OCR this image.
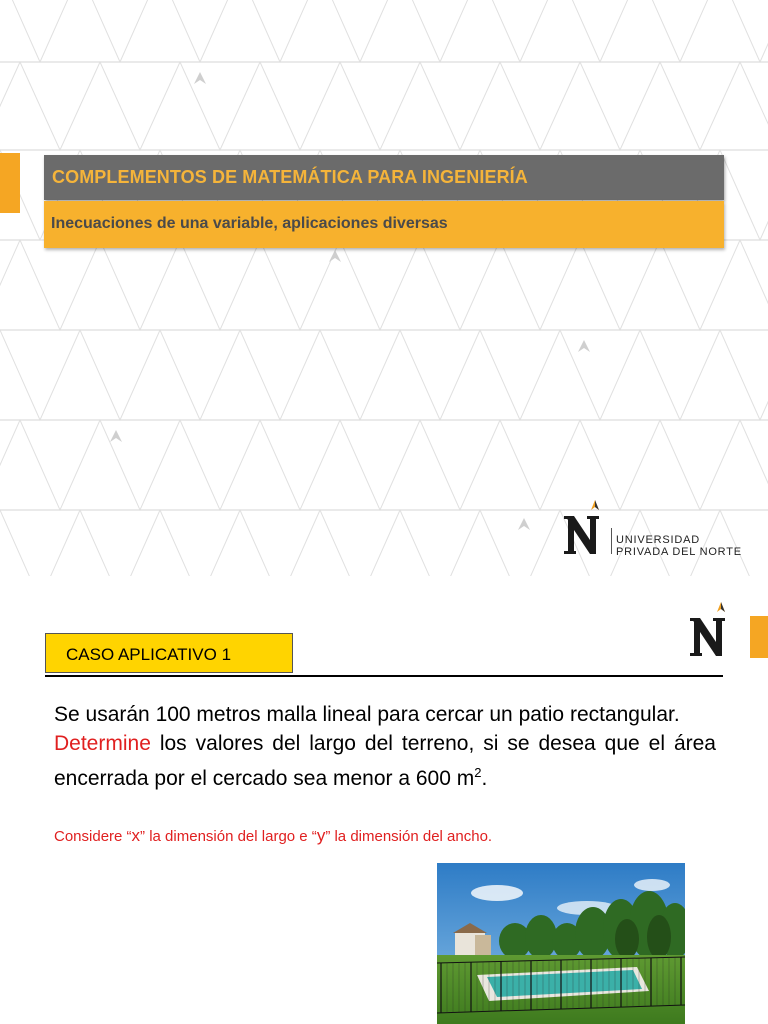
COMPLEMENTOS DE MATEMÁTICA PARA INGENIERÍA
Inecuaciones de una variable, aplicaciones diversas
UNIVERSIDAD
PRIVADA DEL NORTE
CASO APLICATIVO 1

Se usarán 100 metros malla lineal para cercar un patio rectangular.

Determine los valores del largo del terreno, si se desea que el área encerrada por el cercado sea menor a 600 $m^2$.

Considere “x” la dimensión del largo e “y” la dimensión del ancho.
